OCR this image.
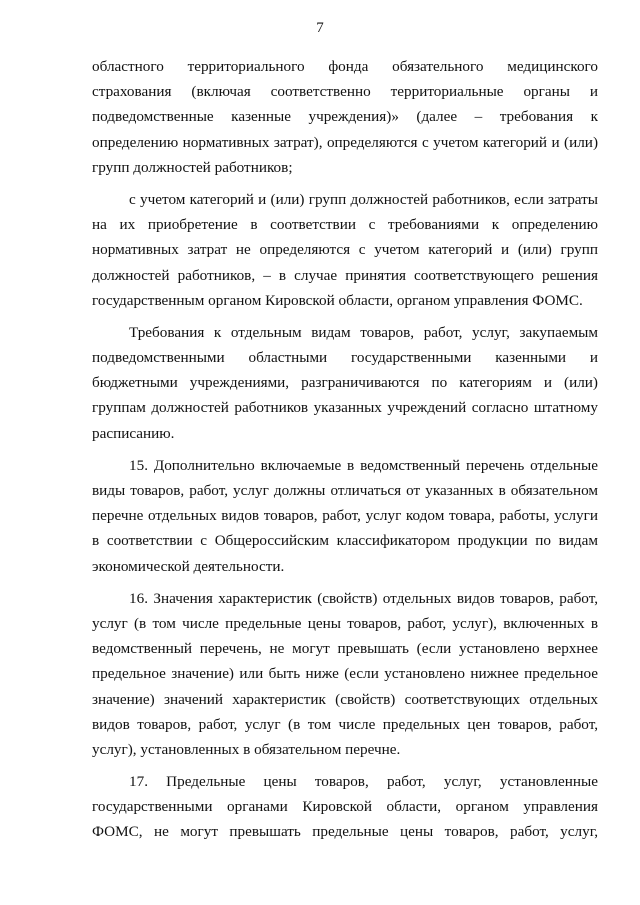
7
областного территориального фонда обязательного медицинского
страхования (включая соответственно территориальные органы и
подведомственные казенные учреждения)» (далее – требования к
определению нормативных затрат), определяются с учетом категорий и (или)
групп должностей работников;
с учетом категорий и (или) групп должностей работников, если затраты
на их приобретение в соответствии с требованиями к определению
нормативных затрат не определяются с учетом категорий и (или) групп
должностей работников, – в случае принятия соответствующего решения
государственным органом Кировской области, органом управления ФОМС.
Требования к отдельным видам товаров, работ, услуг, закупаемым
подведомственными областными государственными казенными и
бюджетными учреждениями, разграничиваются по категориям и (или)
группам должностей работников указанных учреждений согласно штатному
расписанию.
15. Дополнительно включаемые в ведомственный перечень отдельные
виды товаров, работ, услуг должны отличаться от указанных в обязательном
перечне отдельных видов товаров, работ, услуг кодом товара, работы, услуги
в соответствии с Общероссийским классификатором продукции по видам
экономической деятельности.
16. Значения характеристик (свойств) отдельных видов товаров, работ,
услуг (в том числе предельные цены товаров, работ, услуг), включенных в
ведомственный перечень, не могут превышать (если установлено верхнее
предельное значение) или быть ниже (если установлено нижнее предельное
значение) значений характеристик (свойств) соответствующих отдельных
видов товаров, работ, услуг (в том числе предельных цен товаров, работ,
услуг), установленных в обязательном перечне.
17. Предельные цены товаров, работ, услуг, установленные
государственными органами Кировской области, органом управления
ФОМС, не могут превышать предельные цены товаров, работ, услуг,
